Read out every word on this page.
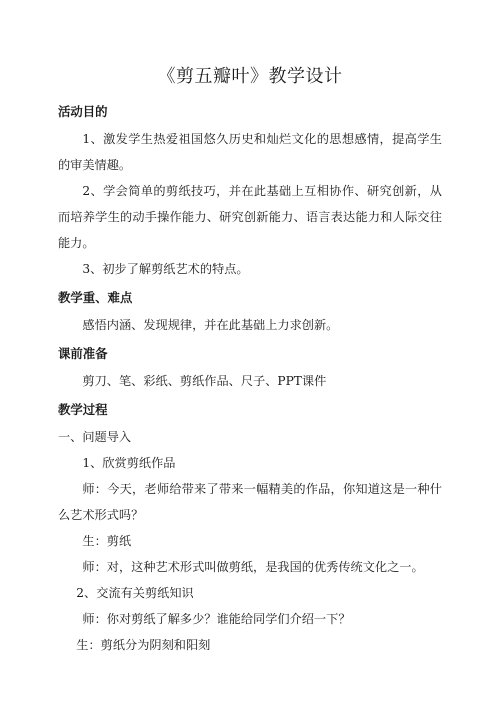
《剪五瓣叶》教学设计

活动目的

1、激发学生热爱祖国悠久历史和灿烂文化的思想感情，提高学生的审美情趣。

2、学会简单的剪纸技巧，并在此基础上互相协作、研究创新，从而培养学生的动手操作能力、研究创新能力、语言表达能力和人际交往能力。

3、初步了解剪纸艺术的特点。

教学重、难点

感悟内涵、发现规律，并在此基础上力求创新。

课前准备

剪刀、笔、彩纸、剪纸作品、尺子、PPT课件

教学过程

一、问题导入

1、欣赏剪纸作品

师：今天，老师给带来了带来一幅精美的作品，你知道这是一种什么艺术形式吗？

生：剪纸

师：对，这种艺术形式叫做剪纸，是我国的优秀传统文化之一。

2、交流有关剪纸知识

师：你对剪纸了解多少？谁能给同学们介绍一下？

生：剪纸分为阴刻和阳刻
